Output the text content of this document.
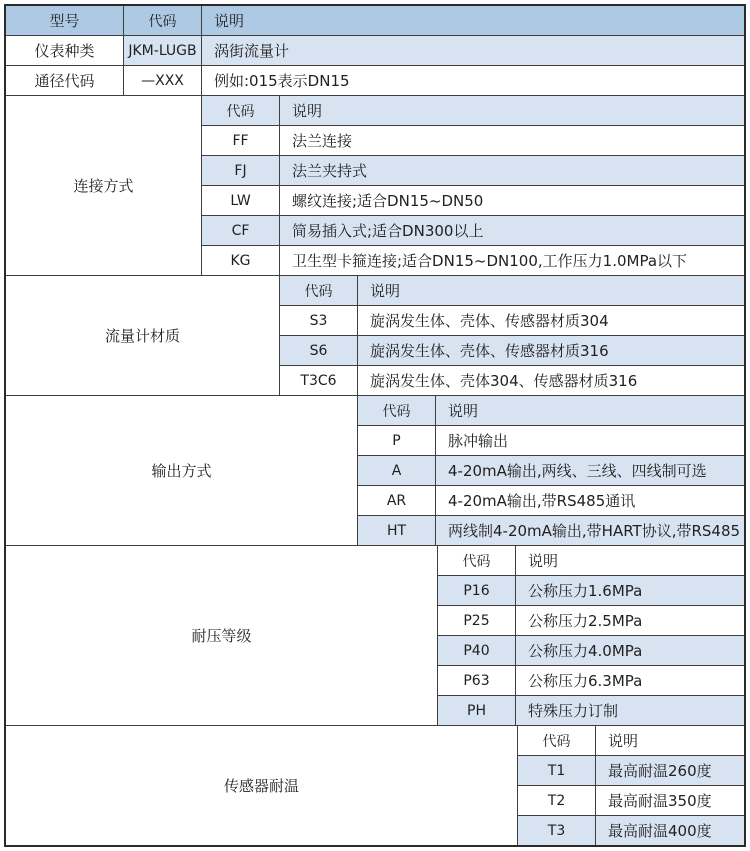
型号	代码	说明
仪表种类	JKM-LUGB	涡街流量计
通径代码	—XXX	例如:015表示DN15
连接方式
代码	说明
FF	法兰连接
FJ	法兰夹持式
LW	螺纹连接;适合DN15~DN50
CF	简易插入式;适合DN300以上
KG	卫生型卡箍连接;适合DN15~DN100,工作压力1.0MPa以下
流量计材质
代码	说明
S3	旋涡发生体、壳体、传感器材质304
S6	旋涡发生体、壳体、传感器材质316
T3C6	旋涡发生体、壳体304、传感器材质316
输出方式
代码	说明
P	脉冲输出
A	4-20mA输出,两线、三线、四线制可选
AR	4-20mA输出,带RS485通讯
HT	两线制4-20mA输出,带HART协议,带RS485
耐压等级
代码	说明
P16	公称压力1.6MPa
P25	公称压力2.5MPa
P40	公称压力4.0MPa
P63	公称压力6.3MPa
PH	特殊压力订制
传感器耐温
代码	说明
T1	最高耐温260度
T2	最高耐温350度
T3	最高耐温400度
